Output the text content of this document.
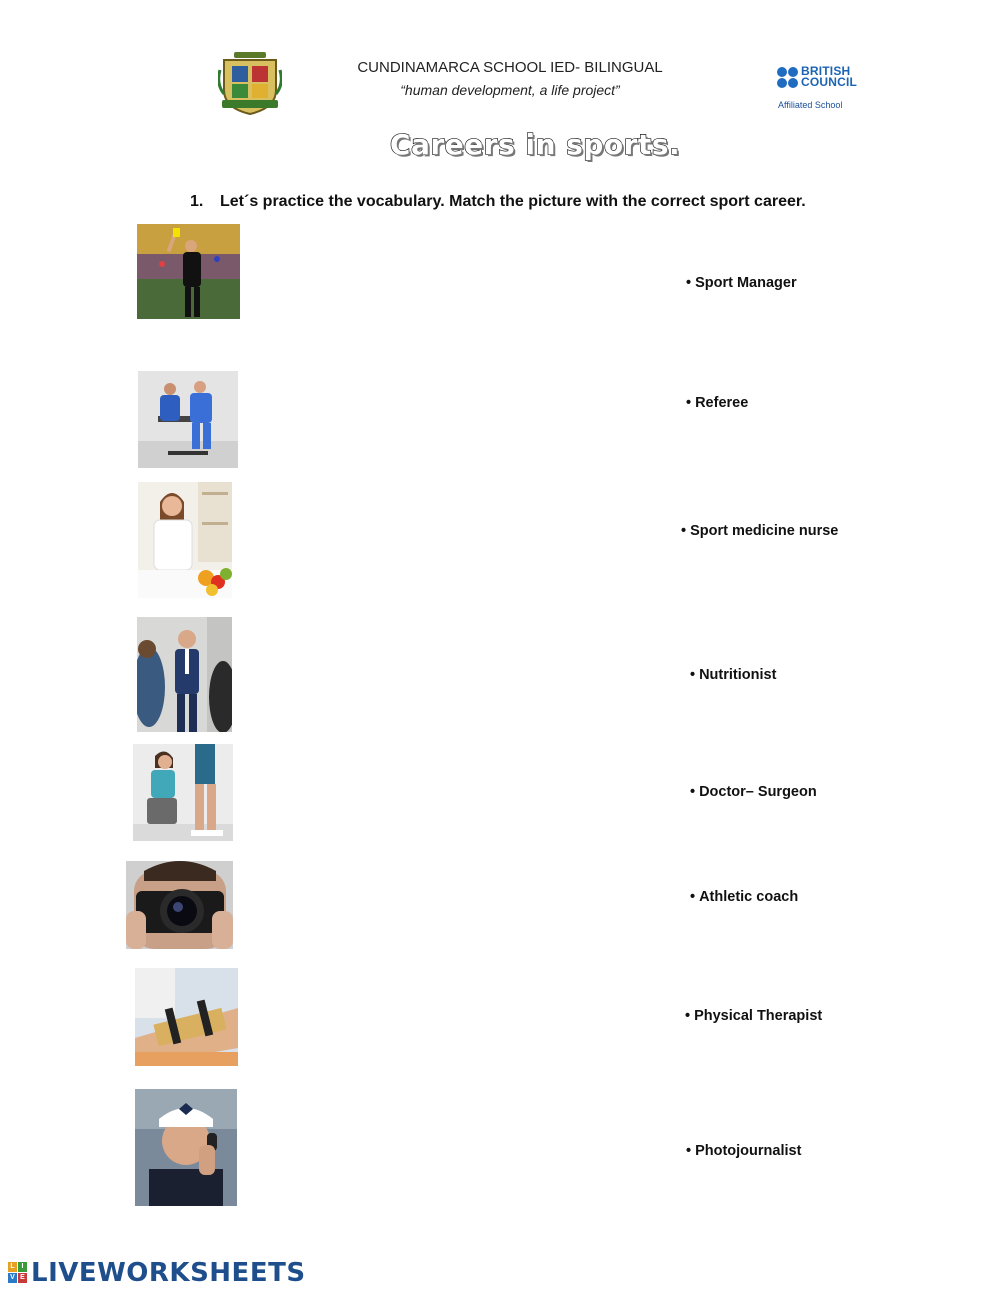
CUNDINAMARCA SCHOOL IED- BILINGUAL
“human development, a life project”
BRITISH
COUNCIL
Affiliated School
Careers in sports.
1. Let´s practice the vocabulary. Match the picture with the correct sport career.
• Sport Manager
• Referee
• Sport medicine nurse
• Nutritionist
• Doctor– Surgeon
• Athletic coach
• Physical Therapist
• Photojournalist
L I
V E LIVEWORKSHEETS
